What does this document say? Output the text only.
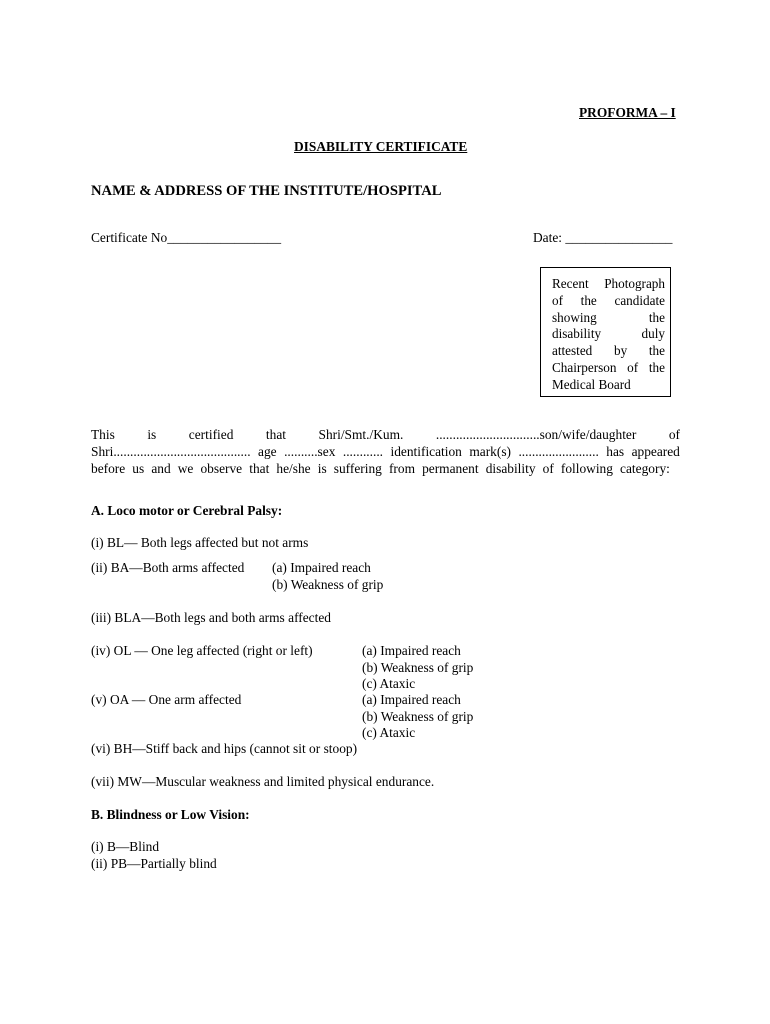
PROFORMA – I
DISABILITY CERTIFICATE
NAME & ADDRESS OF THE INSTITUTE/HOSPITAL
Certificate No_________________	Date: ________________
Recent Photograph
of the candidate
showing	the
disability	duly
attested by the
Chairperson of the
Medical Board
This is certified that Shri/Smt./Kum. ...............................son/wife/daughter of
Shri......................................... age ..........sex ............ identification mark(s) ........................ has appeared
before us and we observe that he/she is suffering from permanent disability of following category:
A. Loco motor or Cerebral Palsy:
(i) BL— Both legs affected but not arms
(ii) BA—Both arms affected (a) Impaired reach
(b) Weakness of grip
(iii) BLA—Both legs and both arms affected
(iv) OL — One leg affected (right or left)	(a) Impaired reach
(b) Weakness of grip
(c) Ataxic
(v) OA — One arm affected	(a) Impaired reach
(b) Weakness of grip
(c) Ataxic
(vi) BH—Stiff back and hips (cannot sit or stoop)
(vii) MW—Muscular weakness and limited physical endurance.
B. Blindness or Low Vision:
(i) B—Blind
(ii) PB—Partially blind
